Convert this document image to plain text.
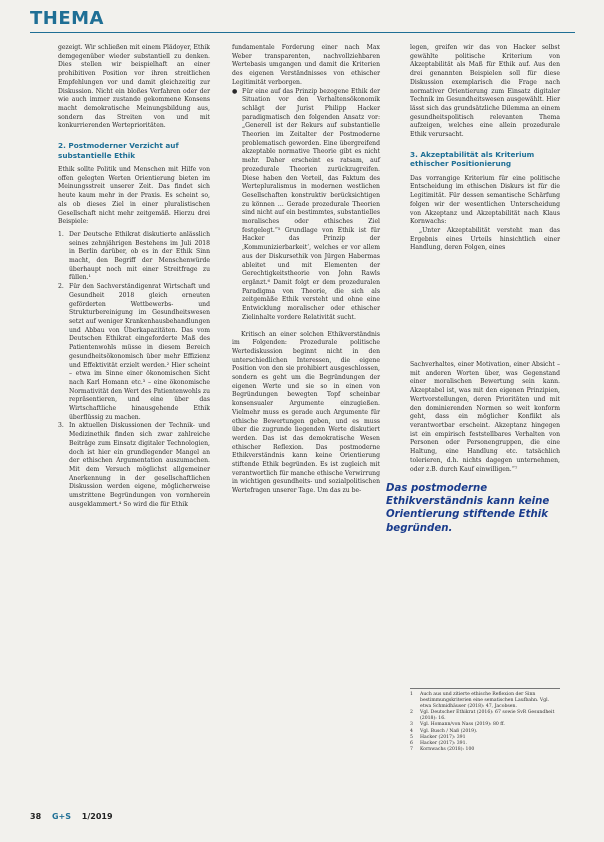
THEMA

gezeigt. Wir schließen mit einem Plädoyer, Ethik demgegenüber wieder substantiell zu denken. Dies stellen wir beispielhaft an einer prohibitiven Position vor ihren streitlichen Empfehlungen vor und damit gleichzeitig zur Diskussion. Nicht ein bloßes Verfahren oder der wie auch immer zustande gekommene Konsens macht demokratische Meinungsbildung aus, sondern das Streiten von und mit konkurrierenden Werteprioritäten.

2. Postmoderner Verzicht auf substantielle Ethik

Ethik sollte Politik und Menschen mit Hilfe von offen gelegten Werten Orientierung bieten im Meinungsstreit unserer Zeit. Das findet sich heute kaum mehr in der Praxis. Es scheint so, als ob dieses Ziel in einer pluralistischen Gesellschaft nicht mehr zeitgemäß. Hierzu drei Beispiele:

1. Der Deutsche Ethikrat diskutierte anlässlich seines zehnjährigen Bestehens im Juli 2018 in Berlin darüber, ob es in der Ethik Sinn macht, den Begriff der Menschenwürde überhaupt noch mit einer Streitfrage zu füllen.¹
2. Für den Sachverständigenrat Wirtschaft und Gesundheit 2018 gleich erneuten geförderten Wettbewerbs- und Strukturbereinigung im Gesundheitswesen setzt auf weniger Krankenhausbehandlungen und Abbau von Überkapazitäten. Das vom Deutschen Ethikrat eingeforderte Maß des Patientenwohls müsse in diesem Bereich gesundheitsökonomisch über mehr Effizienz und Effektivität erzielt werden.² Hier scheint – etwa im Sinne einer ökonomischen Sicht nach Karl Homann etc.³ – eine ökonomische Normativität den Wert des Patientenwohls zu repräsentieren, und eine über das Wirtschaftliche hinausgehende Ethik überflüssig zu machen.
3. In aktuellen Diskussionen der Technik- und Medizinethik finden sich zwar zahlreiche Beiträge zum Einsatz digitaler Technologien, doch ist hier ein grundlegender Mangel an der ethischen Argumentation auszumachen. Mit dem Versuch möglichst allgemeiner Anerkennung in der gesellschaftlichen Diskussion werden eigene, möglicherweise umstrittene Begründungen von vornherein ausgeklammert.⁴ So wird die für Ethik

fundamentale Forderung einer nach Max Weber transparenten, nachvollziehbaren Wertebasis umgangen und damit die Kriterien des eigenen Verständnisses von ethischer Legitimität verborgen.

● Für eine auf das Prinzip bezogene Ethik der Situation vor den Verhaltensökonomik schlägt der Jurist Philipp Hacker paradigmatisch den folgenden Ansatz vor: „Generell ist der Rekurs auf substantielle Theorien im Zeitalter der Postmoderne problematisch geworden. Eine übergreifend akzeptable normative Theorie gibt es nicht mehr. Daher erscheint es ratsam, auf prozedurale Theorien zurückzugreifen. Diese haben den Vorteil, das Faktum des Wertepluralismus in modernen westlichen Gesellschaften konstruktiv berücksichtigen zu können … Gerade prozedurale Theorien sind nicht auf ein bestimmtes, substantielles moralisches oder ethisches Ziel festgelegt.“⁵ Grundlage von Ethik ist für Hacker das Prinzip der ‚Kommunizierbarkeit‘, welches er vor allem aus der Diskursethik von Jürgen Habermas ableitet und mit Elementen der Gerechtigkeitstheorie von John Rawls ergänzt.⁶ Damit folgt er dem prozeduralen Paradigma von Theorie, die sich als zeitgemäße Ethik versteht und ohne eine Entwicklung moralischer oder ethischer Zielinhalte vordere Relativität sucht.

Kritisch an einer solchen Ethikverständnis im Folgenden: Prozedurale politische Wertediskussion beginnt nicht in den unterschiedlichen Interessen, die eigene Position von den sie prohibiert ausgeschlossen, sondern es geht um die Begründungen der eigenen Werte und sie so in einen von Begründungen bewegten Topf scheinbar konsensualer Argumente einzugießen. Vielmehr muss es gerade auch Argumente für ethische Bewertungen geben, und es muss über die zugrunde liegenden Werte diskutiert werden. Das ist das demokratische Wesen ethischer Reflexion. Das postmoderne Ethikverständnis kann keine Orientierung stiftende Ethik begründen. Es ist zugleich mit verantwortlich für manche ethische Verwirrung in wichtigen gesundheits- und sozialpolitischen Wertefragen unserer Tage. Um das zu be-

legen, greifen wir das von Hacker selbst gewählte politische Kriterium von Akzeptabilität als Maß für Ethik auf. Aus den drei genannten Beispielen soll für diese Diskussion exemplarisch die Frage nach normativer Orientierung zum Einsatz digitaler Technik im Gesundheitswesen ausgewählt. Hier lässt sich das grundsätzliche Dilemma an einem gesundheitspolitisch relevanten Thema aufzeigen, welches eine allein prozedurale Ethik verursacht.

3. Akzeptabilität als Kriterium ethischer Positionierung

Das vorrangige Kriterium für eine politische Entscheidung im ethischen Diskurs ist für die Legitimität. Für dessen semantische Schärfung folgen wir der wesentlichen Unterscheidung von Akzeptanz und Akzeptabilität nach Klaus Kornwachs:

„Unter Akzeptabilität versteht man das Ergebnis eines Urteils hinsichtlich einer Handlung, deren Folgen, eines

Sachverhaltes, einer Motivation, einer Absicht – mit anderen Worten über, was Gegenstand einer moralischen Bewertung sein kann. Akzeptabel ist, was mit den eigenen Prinzipien, Wertvorstellungen, deren Prioritäten und mit den dominierenden Normen so weit konform geht, dass ein möglicher Konflikt als verantwortbar erscheint. Akzeptanz hingegen ist ein empirisch feststellbares Verhalten von Personen oder Personengruppen, die eine Haltung, eine Handlung etc. tatsächlich tolerieren, d.h. nichts dagegen unternehmen, oder z.B. durch Kauf einwilligen.“⁷

Das postmoderne Ethikverständnis kann keine Orientierung stiftende Ethik begründen.
1 Auch aus und zitierte ethische Reflexion der Sinn bestimmungskriterien eine sematischen Laufbahn. Vgl. etwa Schmidhäuser (2018): 47, Jacobsen.
2 Vgl. Deutscher Ethikrat (2016): 67 sowie SvR Gesundheit (2018): 16.
3 Vgl. Homann/von Nass (2019): 80 ff.
4 Vgl. Busch / Naß (2019).
5 Hacker (2017): 391
6 Hacker (2017): 391.
7 Kornwachs (2018): 100
38 G+S 1/2019
